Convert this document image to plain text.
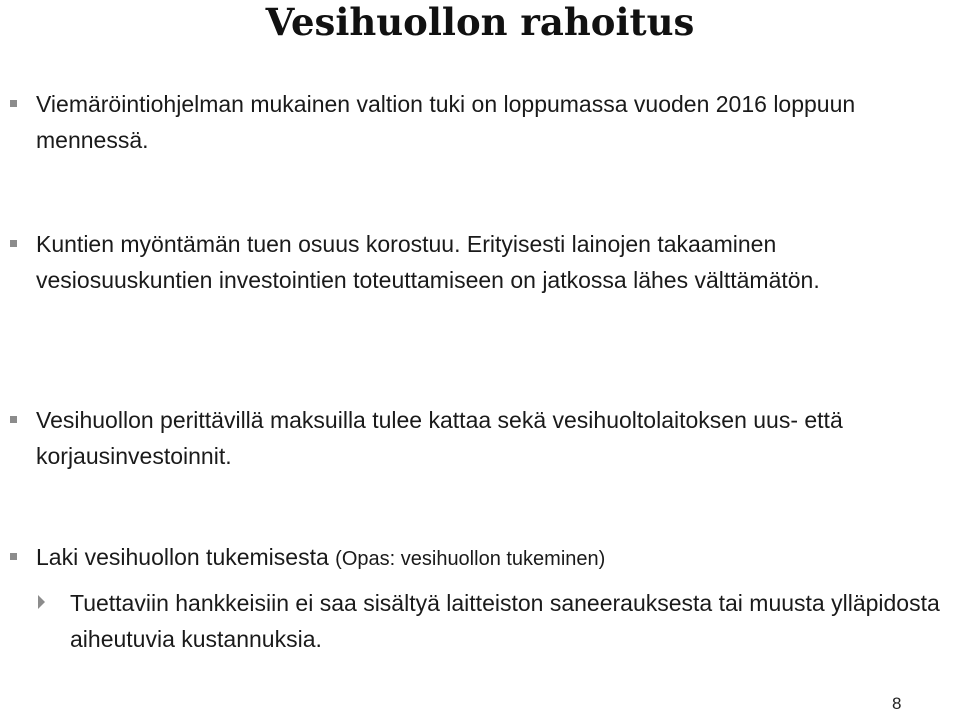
Vesihuollon rahoitus
Viemäröintiohjelman mukainen valtion tuki on loppumassa vuoden 2016 loppuun mennessä.
Kuntien myöntämän tuen osuus korostuu. Erityisesti lainojen takaaminen vesiosuuskuntien investointien toteuttamiseen on jatkossa lähes välttämätön.
Vesihuollon perittävillä maksuilla tulee kattaa sekä vesihuoltolaitoksen uus- että korjausinvestoinnit.
Laki vesihuollon tukemisesta (Opas: vesihuollon tukeminen)
Tuettaviin hankkeisiin ei saa sisältyä laitteiston saneerauksesta tai muusta ylläpidosta aiheutuvia kustannuksia.
8
